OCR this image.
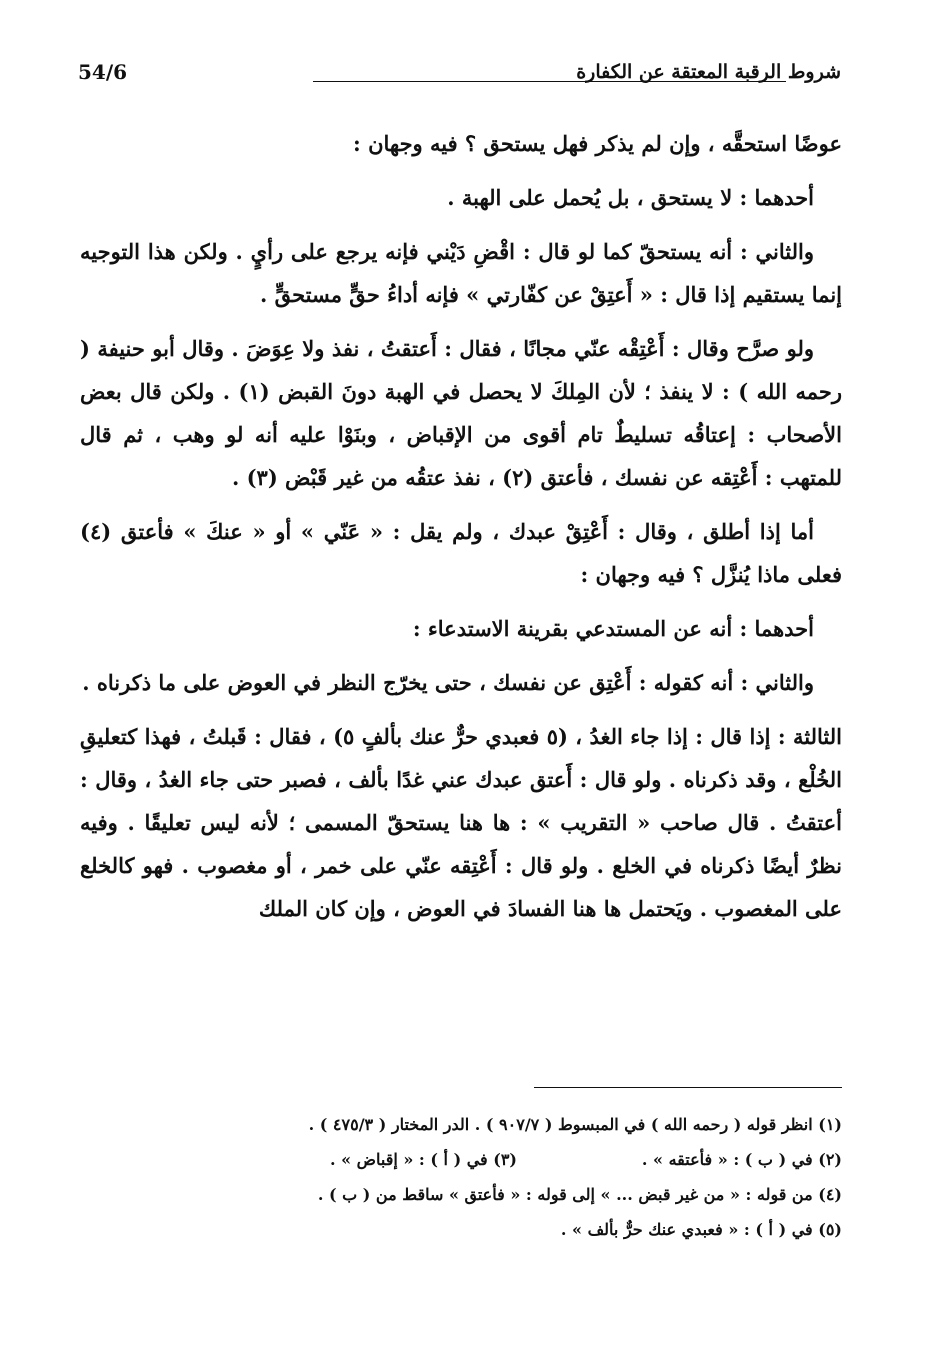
شروط الرقبة المعتقة عن الكفارة
54/6

عوضًا استحقَّه ، وإن لم يذكر فهل يستحق ؟ فيه وجهان :

أحدهما : لا يستحق ، بل يُحمل على الهبة .

والثاني : أنه يستحقّ كما لو قال : اقْضِ دَيْني فإنه يرجع على رأيٍ . ولكن هذا التوجيه إنما يستقيم إذا قال : « أَعتِقْ عن كفّارتي » فإنه أداءُ حقٍّ مستحقٍّ .

ولو صرَّح وقال : أَعْتِقْه عنّي مجانًا ، فقال : أَعتقتُ ، نفذ ولا عِوَضَ . وقال أبو حنيفة ( رحمه الله ) : لا ينفذ ؛ لأن المِلكَ لا يحصل في الهبة دونَ القبض (١) . ولكن قال بعض الأصحاب : إعتاقُه تسليطٌ تام أقوى من الإقباض ، وبنَوْا عليه أنه لو وهب ، ثم قال للمتهب : أَعْتِقه عن نفسك ، فأعتق (٢) ، نفذ عتقُه من غير قَبْض (٣) .

أما إذا أطلق ، وقال : أَعْتِقْ عبدك ، ولم يقل : « عَنّي » أو « عنكَ » فأعتق (٤) فعلى ماذا يُنزَّل ؟ فيه وجهان :

أحدهما : أنه عن المستدعي بقرينة الاستدعاء :

والثاني : أنه كقوله : أَعْتِق عن نفسك ، حتى يخرّج النظر في العوض على ما ذكرناه .

الثالثة : إذا قال : إذا جاء الغدُ ، (٥ فعبدي حرٌّ عنك بألفٍ ٥) ، فقال : قَبلتُ ، فهذا كتعليقِ الخُلْع ، وقد ذكرناه . ولو قال : أَعتق عبدك عني غدًا بألف ، فصبر حتى جاء الغدُ ، وقال : أعتقتُ . قال صاحب « التقريب » : ها هنا يستحقّ المسمى ؛ لأنه ليس تعليقًا . وفيه نظرٌ أيضًا ذكرناه في الخلع . ولو قال : أَعْتِقه عنّي على خمر ، أو مغصوب . فهو كالخلع على المغصوب . ويَحتمل ها هنا الفسادَ في العوض ، وإن كان الملك

(١) انظر قوله ( رحمه الله ) في المبسوط ( ٩٠٧/٧ ) . الدر المختار ( ٤٧٥/٣ ) .

(٢) في ( ب ) : « فأعتقه » .

(٣) في ( أ ) : « إقباض » .

(٤) من قوله : « من غير قبض ... » إلى قوله : « فأعتق » ساقط من ( ب ) .

(٥) في ( أ ) : « فعبدي عنك حرٌّ بألف » .
